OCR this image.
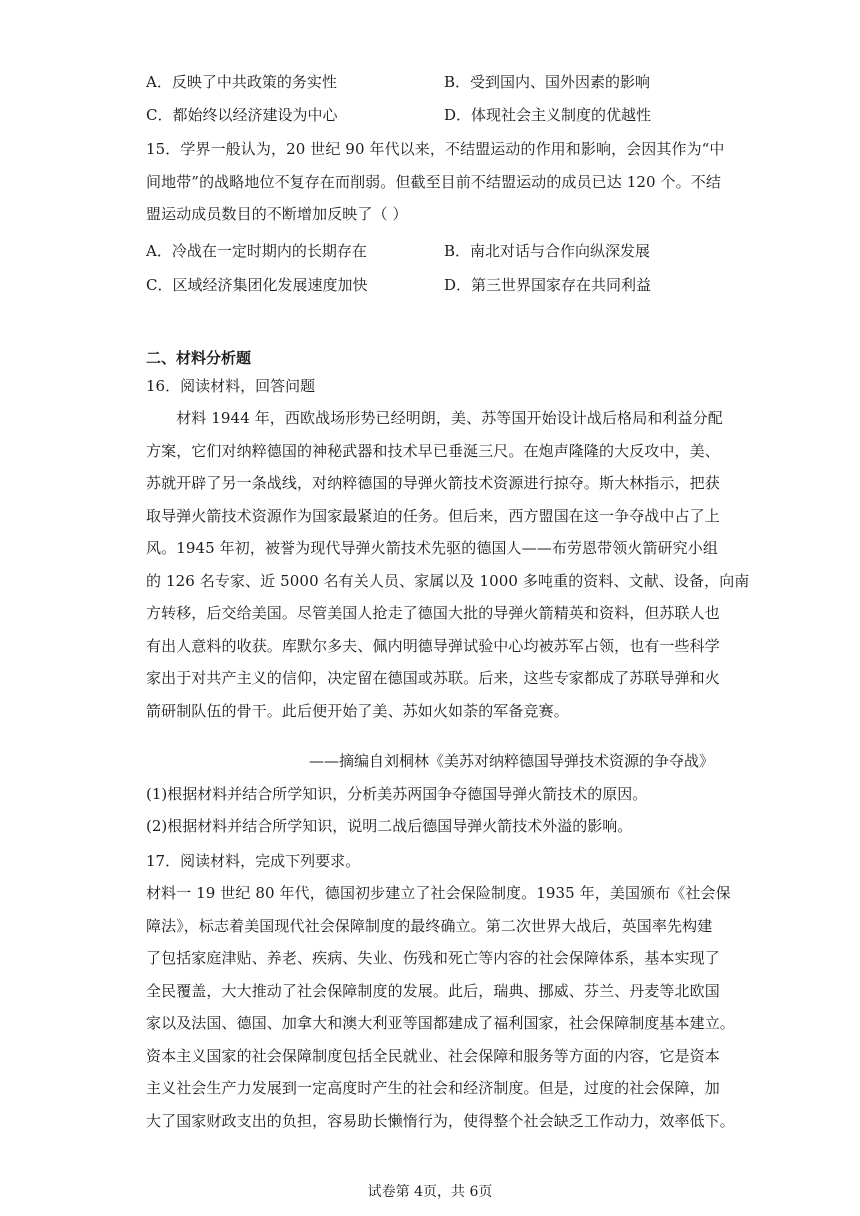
A．反映了中共政策的务实性	B．受到国内、国外因素的影响
C．都始终以经济建设为中心	D．体现社会主义制度的优越性
15．学界一般认为，20 世纪 90 年代以来，不结盟运动的作用和影响，会因其作为“中
间地带”的战略地位不复存在而削弱。但截至目前不结盟运动的成员已达 120 个。不结
盟运动成员数目的不断增加反映了（ ）
A．冷战在一定时期内的长期存在	B．南北对话与合作向纵深发展
C．区域经济集团化发展速度加快	D．第三世界国家存在共同利益
二、材料分析题
16．阅读材料，回答问题
　　材料 1944 年，西欧战场形势已经明朗，美、苏等国开始设计战后格局和利益分配
方案，它们对纳粹德国的神秘武器和技术早已垂涎三尺。在炮声隆隆的大反攻中，美、
苏就开辟了另一条战线，对纳粹德国的导弹火箭技术资源进行掠夺。斯大林指示，把获
取导弹火箭技术资源作为国家最紧迫的任务。但后来，西方盟国在这一争夺战中占了上
风。1945 年初，被誉为现代导弹火箭技术先驱的德国人——布劳恩带领火箭研究小组
的 126 名专家、近 5000 名有关人员、家属以及 1000 多吨重的资料、文献、设备，向南
方转移，后交给美国。尽管美国人抢走了德国大批的导弹火箭精英和资料，但苏联人也
有出人意料的收获。库默尔多夫、佩内明德导弹试验中心均被苏军占领，也有一些科学
家出于对共产主义的信仰，决定留在德国或苏联。后来，这些专家都成了苏联导弹和火
箭研制队伍的骨干。此后便开始了美、苏如火如荼的军备竞赛。
——摘编自刘桐林《美苏对纳粹德国导弹技术资源的争夺战》
(1)根据材料并结合所学知识，分析美苏两国争夺德国导弹火箭技术的原因。
(2)根据材料并结合所学知识，说明二战后德国导弹火箭技术外溢的影响。
17．阅读材料，完成下列要求。
材料一 19 世纪 80 年代，德国初步建立了社会保险制度。1935 年，美国颁布《社会保
障法》，标志着美国现代社会保障制度的最终确立。第二次世界大战后，英国率先构建
了包括家庭津贴、养老、疾病、失业、伤残和死亡等内容的社会保障体系，基本实现了
全民覆盖，大大推动了社会保障制度的发展。此后，瑞典、挪威、芬兰、丹麦等北欧国
家以及法国、德国、加拿大和澳大利亚等国都建成了福利国家，社会保障制度基本建立。
资本主义国家的社会保障制度包括全民就业、社会保障和服务等方面的内容，它是资本
主义社会生产力发展到一定高度时产生的社会和经济制度。但是，过度的社会保障，加
大了国家财政支出的负担，容易助长懒惰行为，使得整个社会缺乏工作动力，效率低下。
试卷第 4页，共 6页
